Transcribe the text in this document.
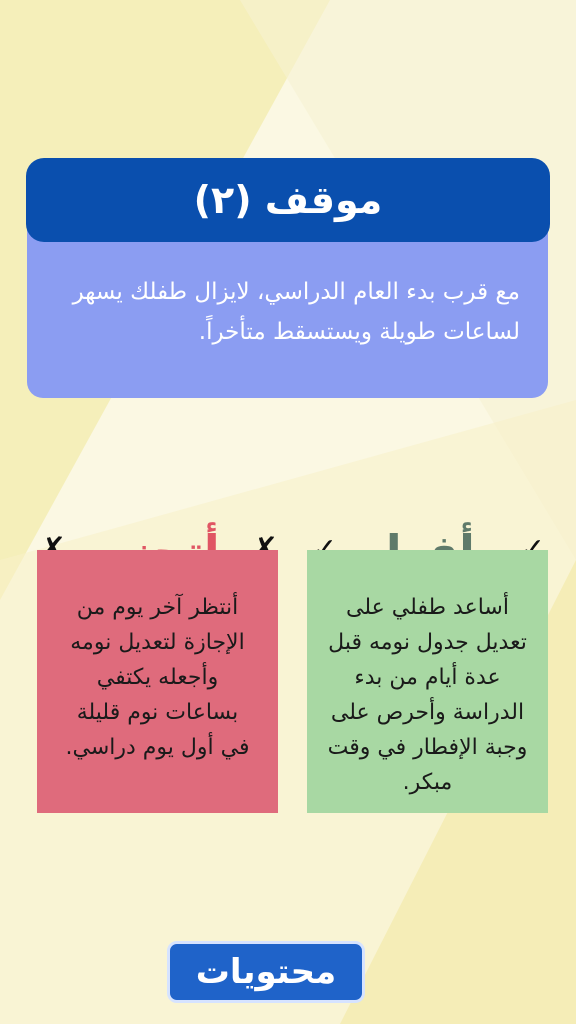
موقف (٢)
مع قرب بدء العام الدراسي، لايزال طفلك يسهر لساعات طويلة ويستسقط متأخراً.
أساعد طفلي على تعديل جدول نومه قبل عدة أيام من بدء الدراسة وأحرص على وجبة الإفطار في وقت مبكر.
أنتظر آخر يوم من الإجازة لتعديل نومه وأجعله يكتفي بساعات نوم قليلة في أول يوم دراسي.
محتويات
